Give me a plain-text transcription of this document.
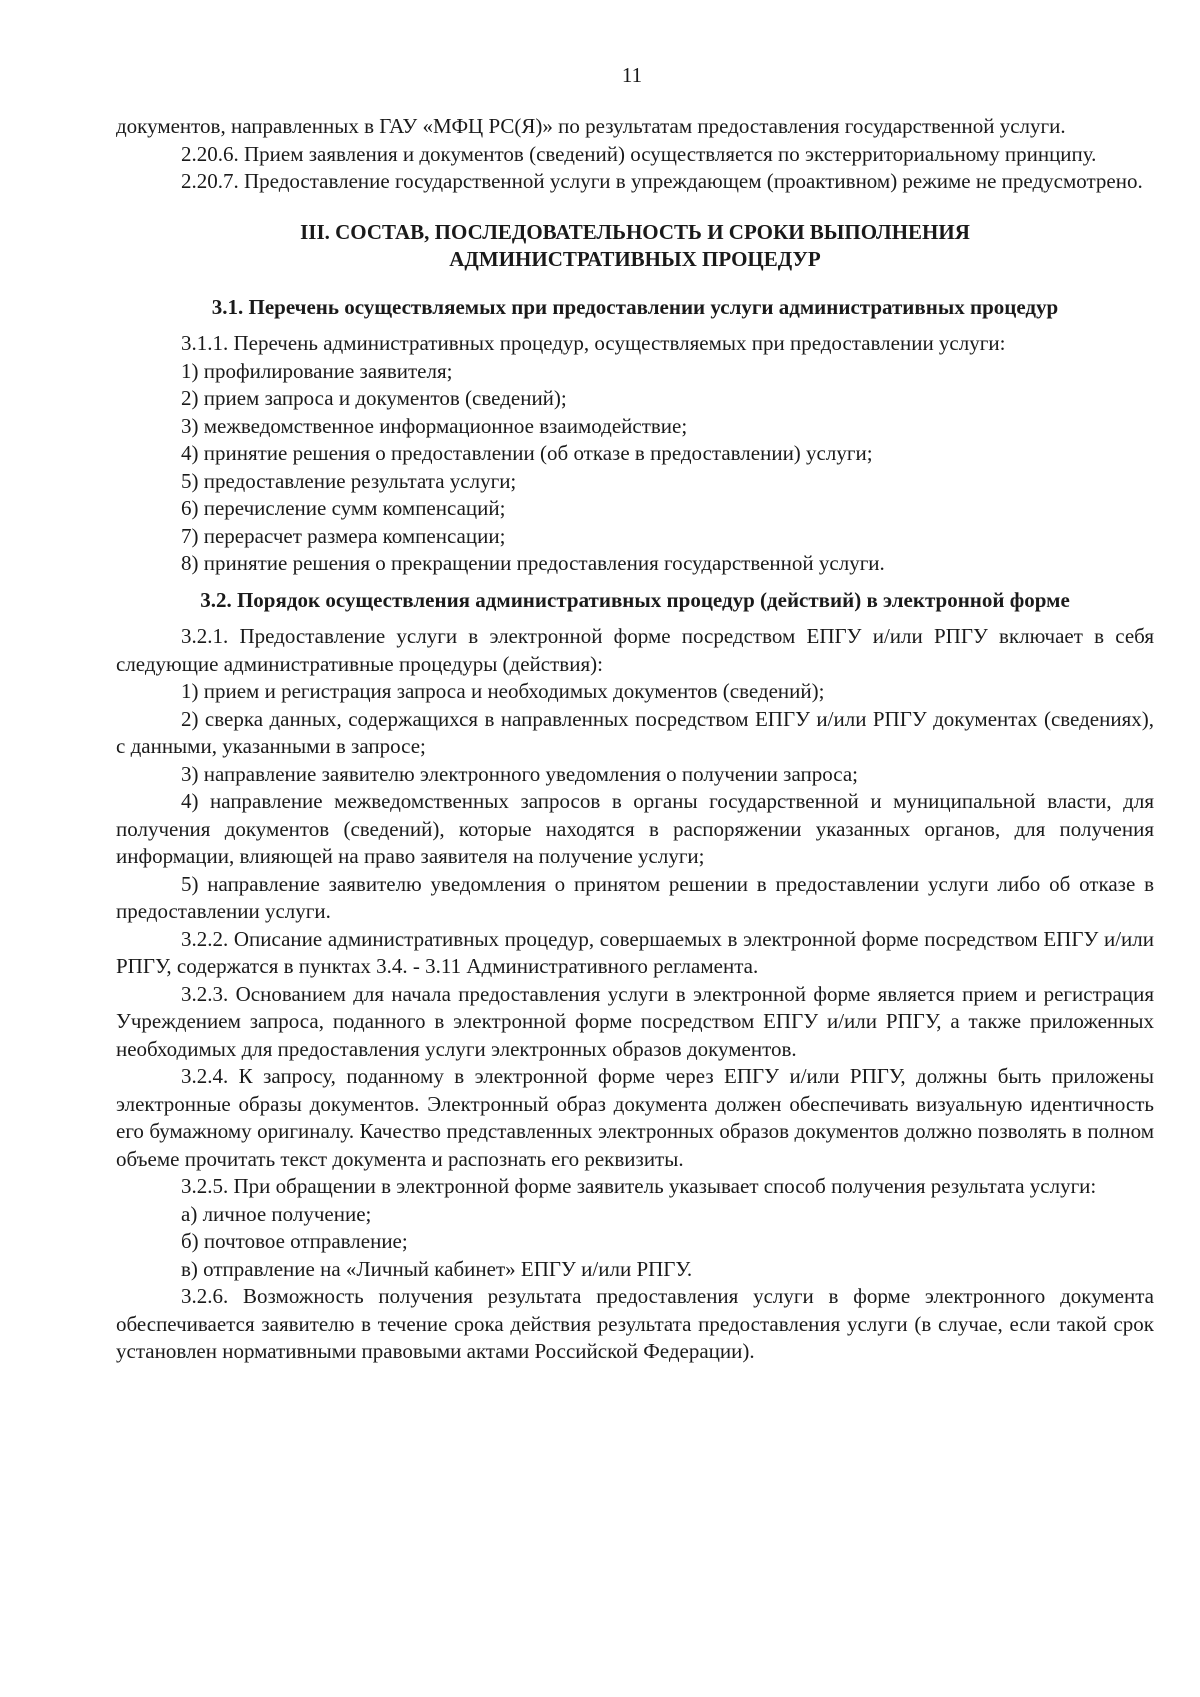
11

документов, направленных в ГАУ «МФЦ РС(Я)» по результатам предоставления государственной услуги.

2.20.6. Прием заявления и документов (сведений) осуществляется по экстерриториальному принципу.

2.20.7. Предоставление государственной услуги в упреждающем (проактивном) режиме не предусмотрено.

III. СОСТАВ, ПОСЛЕДОВАТЕЛЬНОСТЬ И СРОКИ ВЫПОЛНЕНИЯ
АДМИНИСТРАТИВНЫХ ПРОЦЕДУР

3.1. Перечень осуществляемых при предоставлении услуги административных процедур

3.1.1. Перечень административных процедур, осуществляемых при предоставлении услуги:

1) профилирование заявителя;

2) прием запроса и документов (сведений);

3) межведомственное информационное взаимодействие;

4) принятие решения о предоставлении (об отказе в предоставлении) услуги;

5) предоставление результата услуги;

6) перечисление сумм компенсаций;

7) перерасчет размера компенсации;

8) принятие решения о прекращении предоставления государственной услуги.

3.2. Порядок осуществления административных процедур (действий) в электронной форме

3.2.1. Предоставление услуги в электронной форме посредством ЕПГУ и/или РПГУ включает в себя следующие административные процедуры (действия):

1) прием и регистрация запроса и необходимых документов (сведений);

2) сверка данных, содержащихся в направленных посредством ЕПГУ и/или РПГУ документах (сведениях), с данными, указанными в запросе;

3) направление заявителю электронного уведомления о получении запроса;

4) направление межведомственных запросов в органы государственной и муниципальной власти, для получения документов (сведений), которые находятся в распоряжении указанных органов, для получения информации, влияющей на право заявителя на получение услуги;

5) направление заявителю уведомления о принятом решении в предоставлении услуги либо об отказе в предоставлении услуги.

3.2.2. Описание административных процедур, совершаемых в электронной форме посредством ЕПГУ и/или РПГУ, содержатся в пунктах 3.4. - 3.11 Административного регламента.

3.2.3. Основанием для начала предоставления услуги в электронной форме является прием и регистрация Учреждением запроса, поданного в электронной форме посредством ЕПГУ и/или РПГУ, а также приложенных необходимых для предоставления услуги электронных образов документов.

3.2.4. К запросу, поданному в электронной форме через ЕПГУ и/или РПГУ, должны быть приложены электронные образы документов. Электронный образ документа должен обеспечивать визуальную идентичность его бумажному оригиналу. Качество представленных электронных образов документов должно позволять в полном объеме прочитать текст документа и распознать его реквизиты.

3.2.5. При обращении в электронной форме заявитель указывает способ получения результата услуги:

а) личное получение;

б) почтовое отправление;

в) отправление на «Личный кабинет» ЕПГУ и/или РПГУ.

3.2.6. Возможность получения результата предоставления услуги в форме электронного документа обеспечивается заявителю в течение срока действия результата предоставления услуги (в случае, если такой срок установлен нормативными правовыми актами Российской Федерации).
